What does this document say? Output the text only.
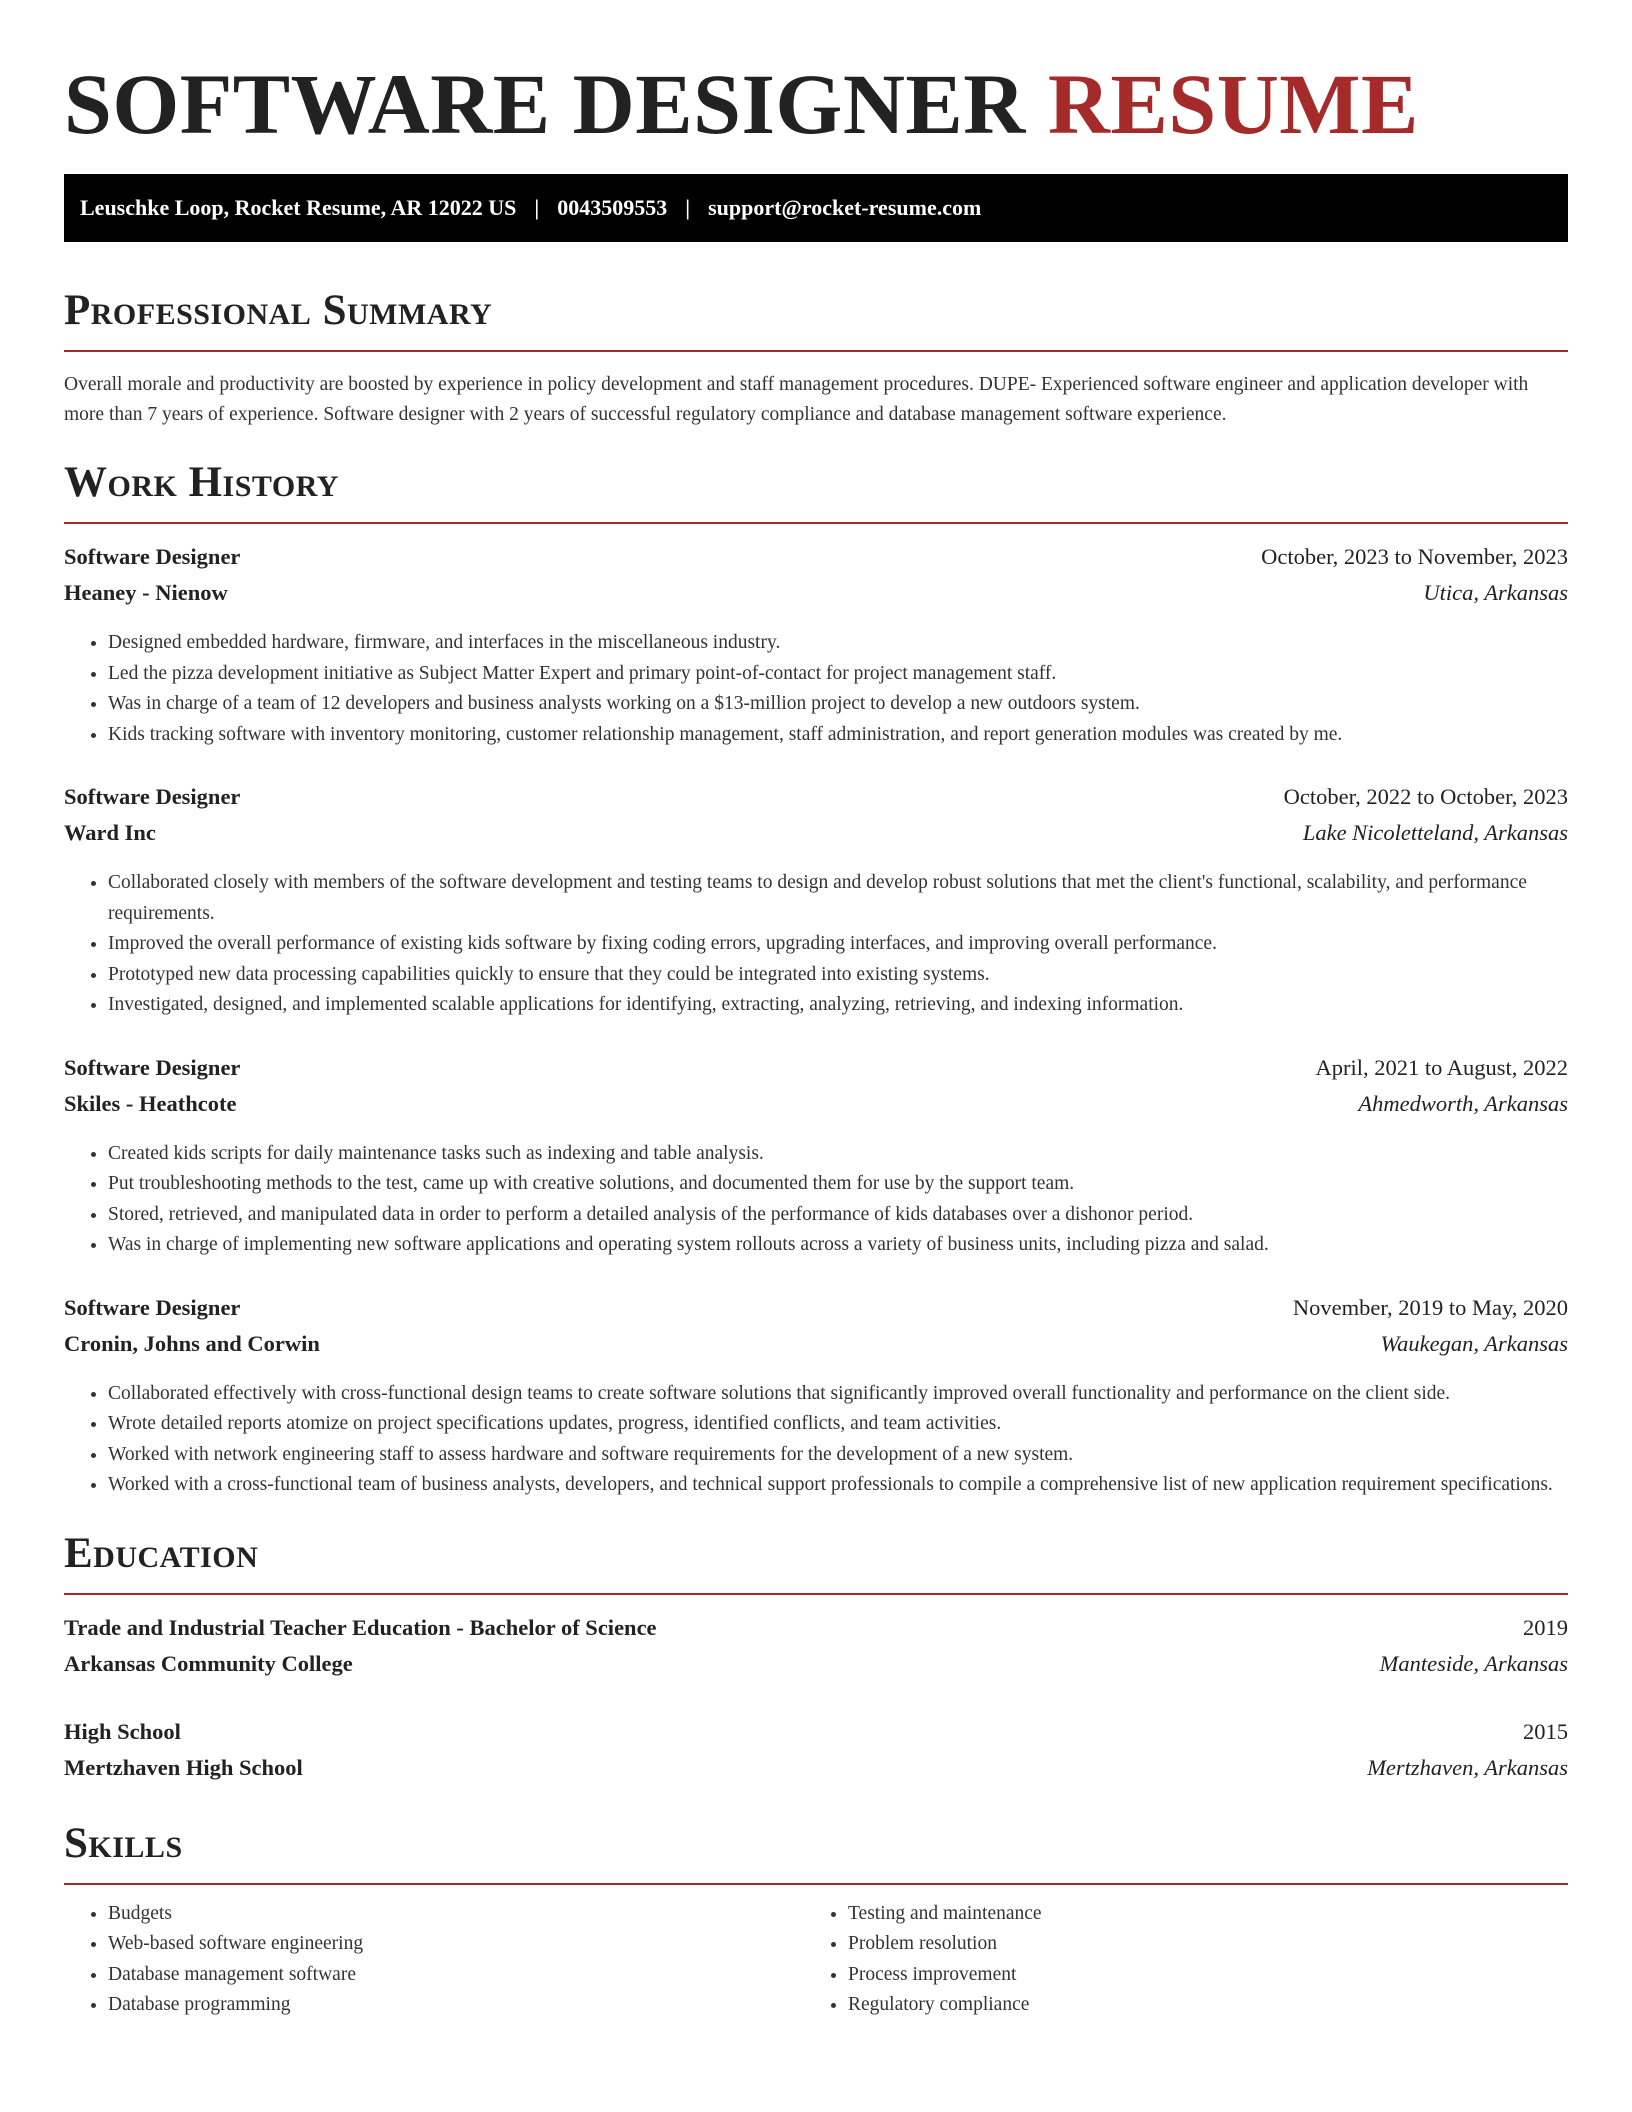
SOFTWARE DESIGNER RESUME
Leuschke Loop, Rocket Resume, AR 12022 US | 0043509553 | support@rocket-resume.com
Professional Summary
Overall morale and productivity are boosted by experience in policy development and staff management procedures. DUPE- Experienced software engineer and application developer with more than 7 years of experience. Software designer with 2 years of successful regulatory compliance and database management software experience.
Work History
Software Designer	October, 2023 to November, 2023
Heaney - Nienow	Utica, Arkansas
• Designed embedded hardware, firmware, and interfaces in the miscellaneous industry.
• Led the pizza development initiative as Subject Matter Expert and primary point-of-contact for project management staff.
• Was in charge of a team of 12 developers and business analysts working on a $13-million project to develop a new outdoors system.
• Kids tracking software with inventory monitoring, customer relationship management, staff administration, and report generation modules was created by me.
Software Designer	October, 2022 to October, 2023
Ward Inc	Lake Nicoletteland, Arkansas
• Collaborated closely with members of the software development and testing teams to design and develop robust solutions that met the client's functional, scalability, and performance requirements.
• Improved the overall performance of existing kids software by fixing coding errors, upgrading interfaces, and improving overall performance.
• Prototyped new data processing capabilities quickly to ensure that they could be integrated into existing systems.
• Investigated, designed, and implemented scalable applications for identifying, extracting, analyzing, retrieving, and indexing information.
Software Designer	April, 2021 to August, 2022
Skiles - Heathcote	Ahmedworth, Arkansas
• Created kids scripts for daily maintenance tasks such as indexing and table analysis.
• Put troubleshooting methods to the test, came up with creative solutions, and documented them for use by the support team.
• Stored, retrieved, and manipulated data in order to perform a detailed analysis of the performance of kids databases over a dishonor period.
• Was in charge of implementing new software applications and operating system rollouts across a variety of business units, including pizza and salad.
Software Designer	November, 2019 to May, 2020
Cronin, Johns and Corwin	Waukegan, Arkansas
• Collaborated effectively with cross-functional design teams to create software solutions that significantly improved overall functionality and performance on the client side.
• Wrote detailed reports atomize on project specifications updates, progress, identified conflicts, and team activities.
• Worked with network engineering staff to assess hardware and software requirements for the development of a new system.
• Worked with a cross-functional team of business analysts, developers, and technical support professionals to compile a comprehensive list of new application requirement specifications.
Education
Trade and Industrial Teacher Education - Bachelor of Science	2019
Arkansas Community College	Manteside, Arkansas
High School	2015
Mertzhaven High School	Mertzhaven, Arkansas
Skills
• Budgets
• Web-based software engineering
• Database management software
• Database programming
• Testing and maintenance
• Problem resolution
• Process improvement
• Regulatory compliance
